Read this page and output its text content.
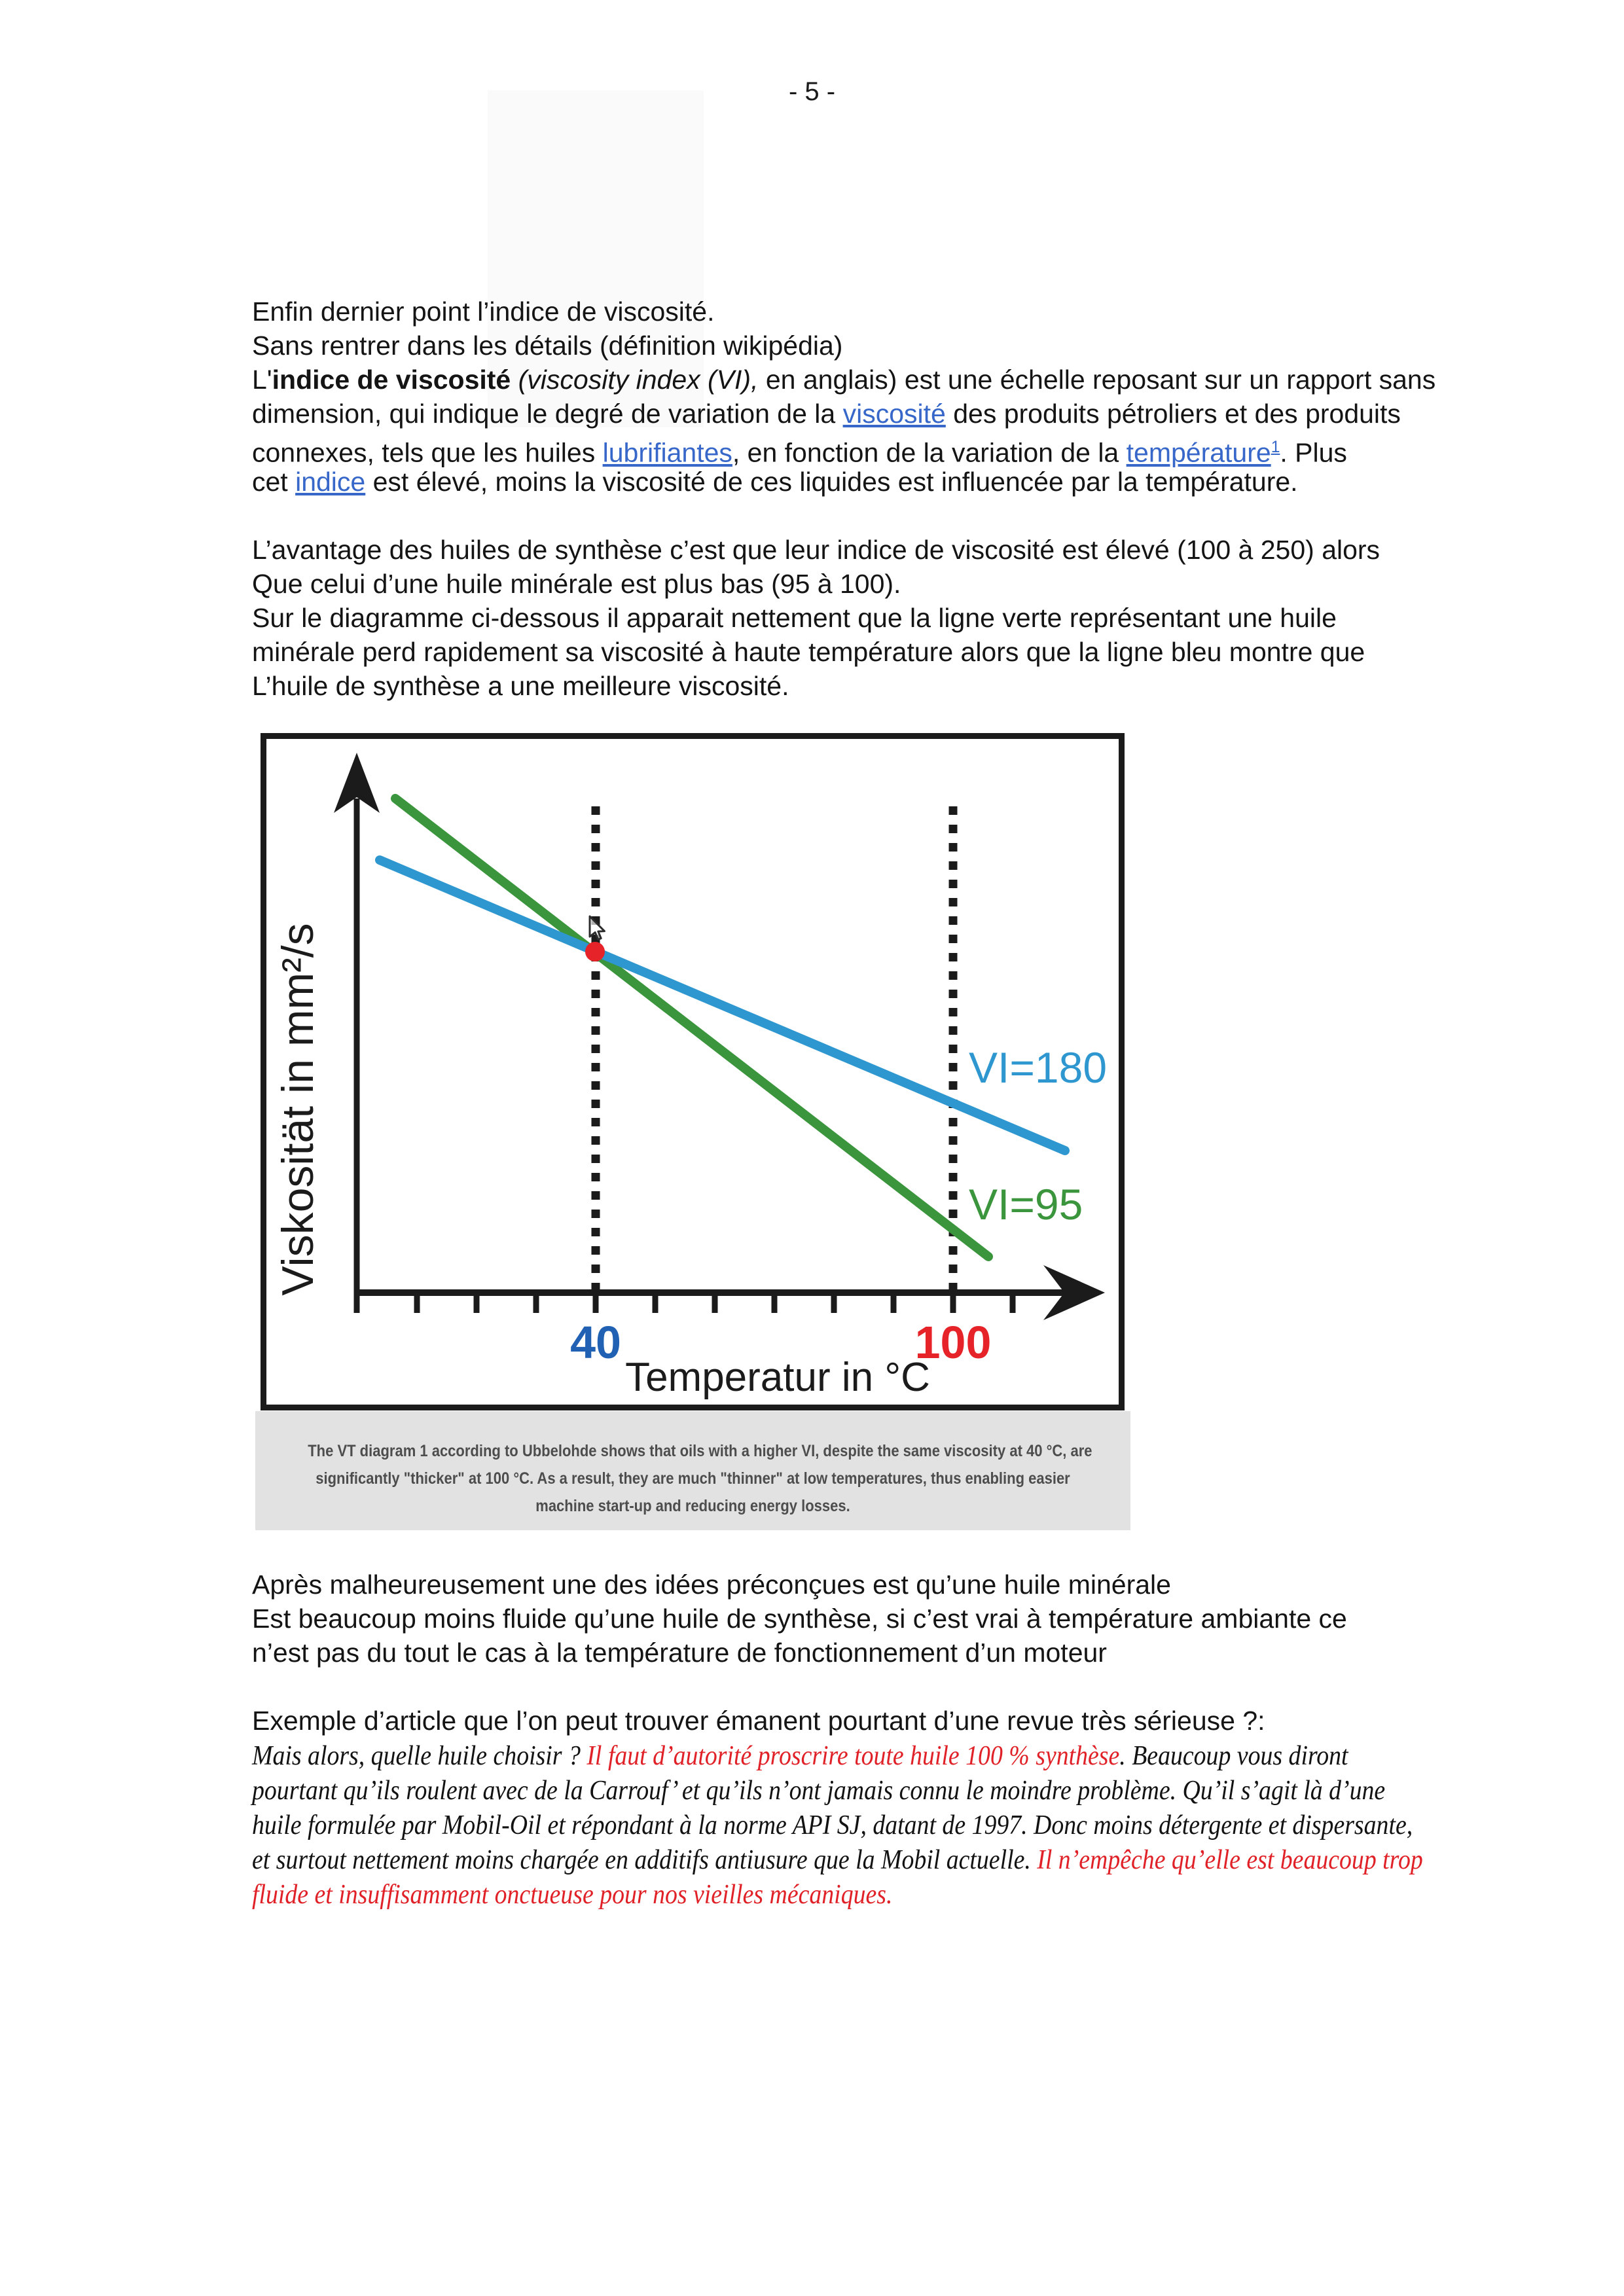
- 5 -
Enfin dernier point l’indice de viscosité.
Sans rentrer dans les détails (définition wikipédia)
L'indice de viscosité (viscosity index (VI), en anglais) est une échelle reposant sur un rapport sans
dimension, qui indique le degré de variation de la viscosité des produits pétroliers et des produits
connexes, tels que les huiles lubrifiantes, en fonction de la variation de la température$^1$. Plus
cet indice est élevé, moins la viscosité de ces liquides est influencée par la température.
L’avantage des huiles de synthèse c’est que leur indice de viscosité est élevé (100 à 250) alors
Que celui d’une huile minérale est plus bas (95 à 100).
Sur le diagramme ci-dessous il apparait nettement que la ligne verte représentant une huile
minérale perd rapidement sa viscosité à haute température alors que la ligne bleu montre que
L’huile de synthèse a une meilleure viscosité.
40	100
Temperatur in °C
Viskosität in mm²/s	VI=180
VI=95
The VT diagram 1 according to Ubbelohde shows that oils with a higher VI, despite the same viscosity at 40 °C, are
significantly "thicker" at 100 °C. As a result, they are much "thinner" at low temperatures, thus enabling easier
machine start-up and reducing energy losses.
Après malheureusement une des idées préconçues est qu’une huile minérale
Est beaucoup moins fluide qu’une huile de synthèse, si c’est vrai à température ambiante ce
n’est pas du tout le cas à la température de fonctionnement d’un moteur
Exemple d’article que l’on peut trouver émanent pourtant d’une revue très sérieuse ?:
Mais alors, quelle huile choisir ? Il faut d’autorité proscrire toute huile 100 % synthèse. Beaucoup vous diront
pourtant qu’ils roulent avec de la Carrouf’ et qu’ils n’ont jamais connu le moindre problème. Qu’il s’agit là d’une
huile formulée par Mobil-Oil et répondant à la norme API SJ, datant de 1997. Donc moins détergente et dispersante,
et surtout nettement moins chargée en additifs antiusure que la Mobil actuelle. Il n’empêche qu’elle est beaucoup trop
fluide et insuffisamment onctueuse pour nos vieilles mécaniques.
